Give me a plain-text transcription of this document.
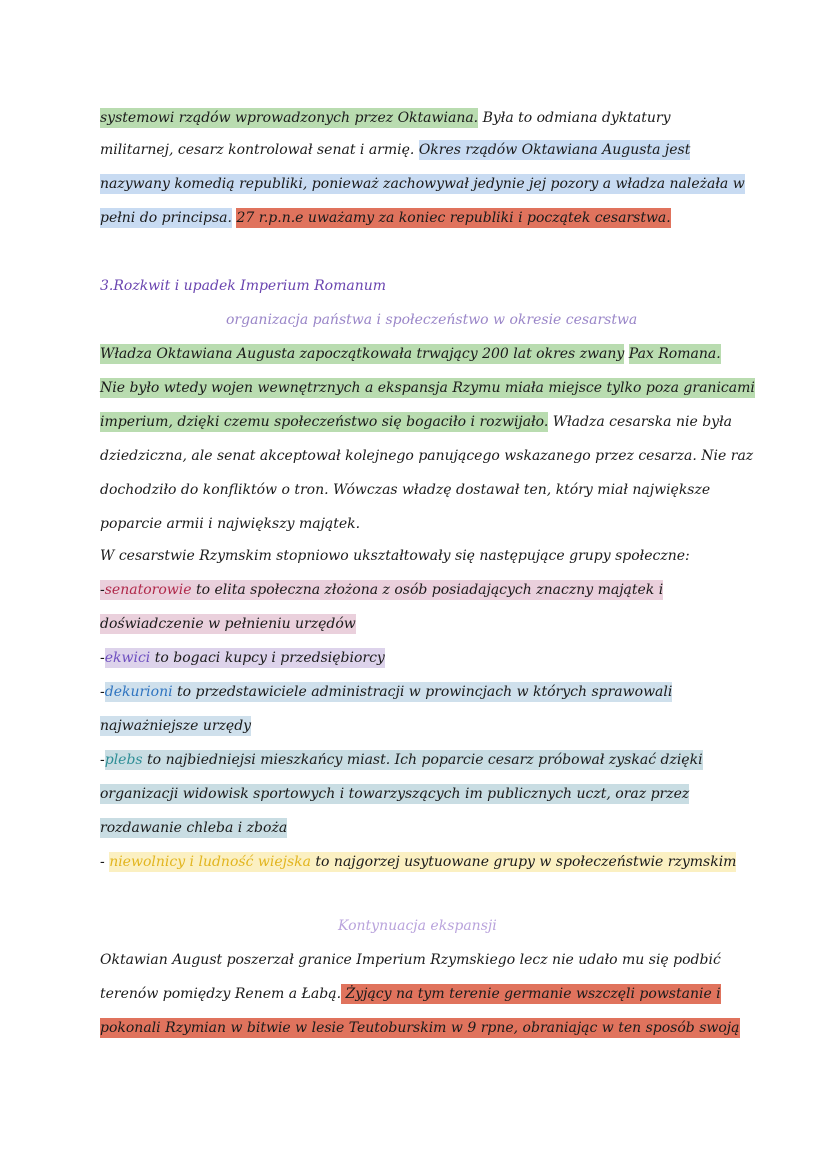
systemowi rządów wprowadzonych przez Oktawiana. Była to odmiana dyktatury
militarnej, cesarz kontrolował senat i armię. Okres rządów Oktawiana Augusta jest
nazywany komedią republiki, ponieważ zachowywał jedynie jej pozory a władza należała w
pełni do principsa. 27 r.p.n.e uważamy za koniec republiki i początek cesarstwa.
3.Rozkwit i upadek Imperium Romanum
organizacja państwa i społeczeństwo w okresie cesarstwa
Władza Oktawiana Augusta zapoczątkowała trwający 200 lat okres zwany Pax Romana.
Nie było wtedy wojen wewnętrznych a ekspansja Rzymu miała miejsce tylko poza granicami
imperium, dzięki czemu społeczeństwo się bogaciło i rozwijało. Władza cesarska nie była
dziedziczna, ale senat akceptował kolejnego panującego wskazanego przez cesarza. Nie raz
dochodziło do konfliktów o tron. Wówczas władzę dostawał ten, który miał największe
poparcie armii i największy majątek.
W cesarstwie Rzymskim stopniowo ukształtowały się następujące grupy społeczne:
-senatorowie to elita społeczna złożona z osób posiadających znaczny majątek i
doświadczenie w pełnieniu urzędów
-ekwici to bogaci kupcy i przedsiębiorcy
-dekurioni to przedstawiciele administracji w prowincjach w których sprawowali
najważniejsze urzędy
-plebs to najbiedniejsi mieszkańcy miast. Ich poparcie cesarz próbował zyskać dzięki
organizacji widowisk sportowych i towarzyszących im publicznych uczt, oraz przez
rozdawanie chleba i zboża
- niewolnicy i ludność wiejska to najgorzej usytuowane grupy w społeczeństwie rzymskim
Kontynuacja ekspansji
Oktawian August poszerzał granice Imperium Rzymskiego lecz nie udało mu się podbić
terenów pomiędzy Renem a Łabą. Żyjący na tym terenie germanie wszczęli powstanie i
pokonali Rzymian w bitwie w lesie Teutoburskim w 9 rpne, obraniając w ten sposób swoją
